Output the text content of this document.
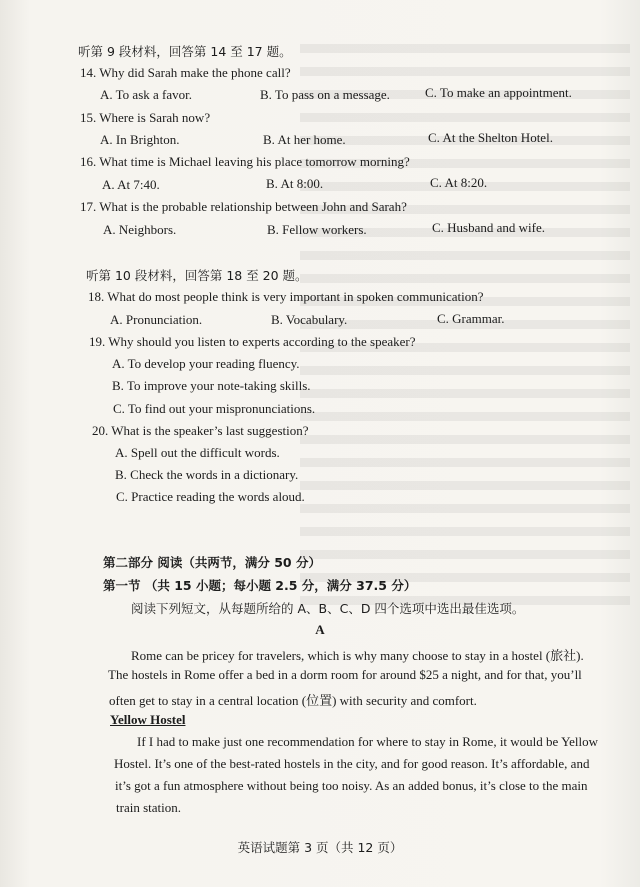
听第 9 段材料，回答第 14 至 17 题。
14. Why did Sarah make the phone call?
A. To ask a favor.	B. To pass on a message.	C. To make an appointment.
15. Where is Sarah now?
A. In Brighton.	B. At her home.	C. At the Shelton Hotel.
16. What time is Michael leaving his place tomorrow morning?
A. At 7:40.	B. At 8:00.	C. At 8:20.
17. What is the probable relationship between John and Sarah?
A. Neighbors.	B. Fellow workers.	C. Husband and wife.
听第 10 段材料，回答第 18 至 20 题。
18. What do most people think is very important in spoken communication?
A. Pronunciation.	B. Vocabulary.	C. Grammar.
19. Why should you listen to experts according to the speaker?
A. To develop your reading fluency.
B. To improve your note-taking skills.
C. To find out your mispronunciations.
20. What is the speaker’s last suggestion?
A. Spell out the difficult words.
B. Check the words in a dictionary.
C. Practice reading the words aloud.
第二部分 阅读（共两节，满分 50 分）
第一节 （共 15 小题；每小题 2.5 分，满分 37.5 分）
阅读下列短文，从每题所给的 A、B、C、D 四个选项中选出最佳选项。
A
Rome can be pricey for travelers, which is why many choose to stay in a hostel (旅社).
The hostels in Rome offer a bed in a dorm room for around $25 a night, and for that, you’ll
often get to stay in a central location (位置) with security and comfort.
Yellow Hostel
If I had to make just one recommendation for where to stay in Rome, it would be Yellow
Hostel. It’s one of the best-rated hostels in the city, and for good reason. It’s affordable, and
it’s got a fun atmosphere without being too noisy. As an added bonus, it’s close to the main
train station.
英语试题第 3 页（共 12 页）
